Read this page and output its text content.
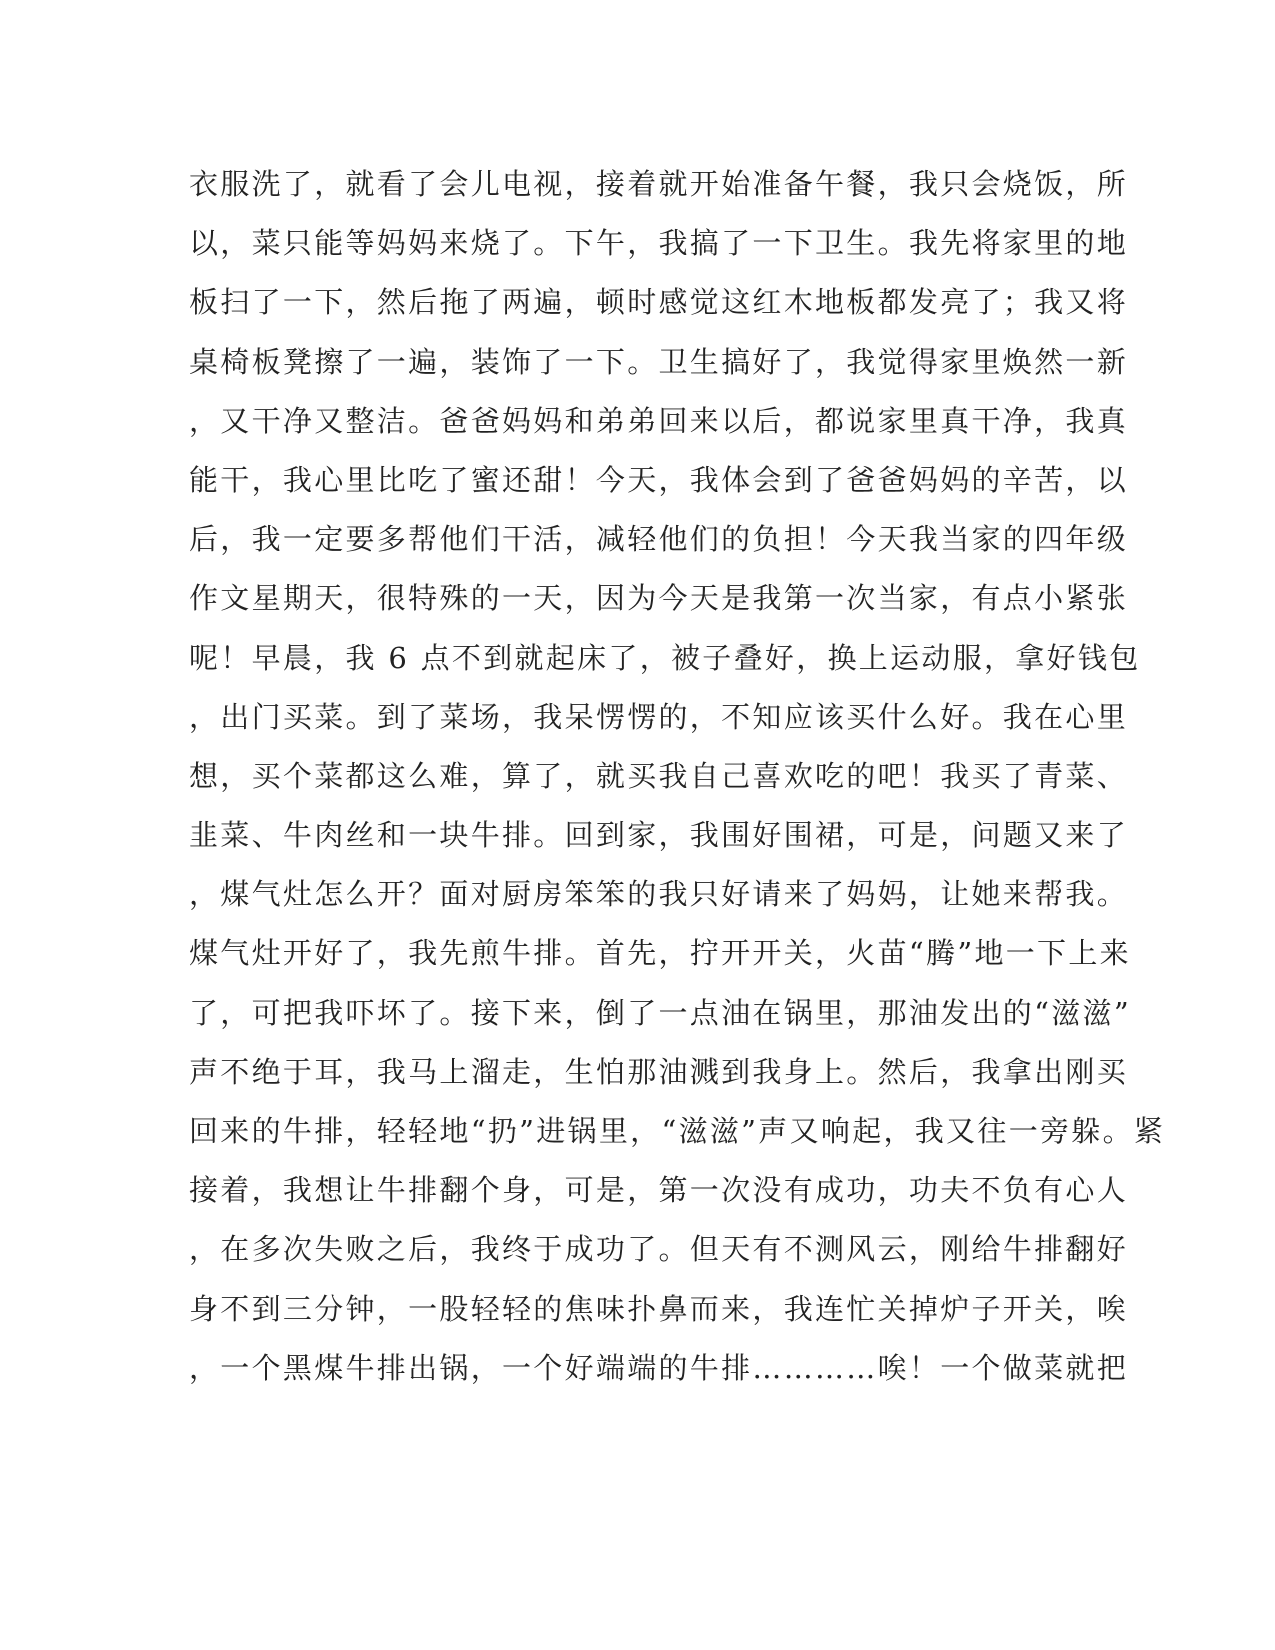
衣服洗了，就看了会儿电视，接着就开始准备午餐，我只会烧饭，所
以，菜只能等妈妈来烧了。下午，我搞了一下卫生。我先将家里的地
板扫了一下，然后拖了两遍，顿时感觉这红木地板都发亮了；我又将
桌椅板凳擦了一遍，装饰了一下。卫生搞好了，我觉得家里焕然一新
，又干净又整洁。爸爸妈妈和弟弟回来以后，都说家里真干净，我真
能干，我心里比吃了蜜还甜！今天，我体会到了爸爸妈妈的辛苦，以
后，我一定要多帮他们干活，减轻他们的负担！今天我当家的四年级
作文星期天，很特殊的一天，因为今天是我第一次当家，有点小紧张
呢！早晨，我 6 点不到就起床了，被子叠好，换上运动服，拿好钱包
，出门买菜。到了菜场，我呆愣愣的，不知应该买什么好。我在心里
想，买个菜都这么难，算了，就买我自己喜欢吃的吧！我买了青菜、
韭菜、牛肉丝和一块牛排。回到家，我围好围裙，可是，问题又来了
，煤气灶怎么开？面对厨房笨笨的我只好请来了妈妈，让她来帮我。
煤气灶开好了，我先煎牛排。首先，拧开开关，火苗“腾”地一下上来
了，可把我吓坏了。接下来，倒了一点油在锅里，那油发出的“滋滋”
声不绝于耳，我马上溜走，生怕那油溅到我身上。然后，我拿出刚买
回来的牛排，轻轻地“扔”进锅里，“滋滋”声又响起，我又往一旁躲。紧
接着，我想让牛排翻个身，可是，第一次没有成功，功夫不负有心人
，在多次失败之后，我终于成功了。但天有不测风云，刚给牛排翻好
身不到三分钟，一股轻轻的焦味扑鼻而来，我连忙关掉炉子开关，唉
，一个黑煤牛排出锅，一个好端端的牛排…………唉！一个做菜就把
